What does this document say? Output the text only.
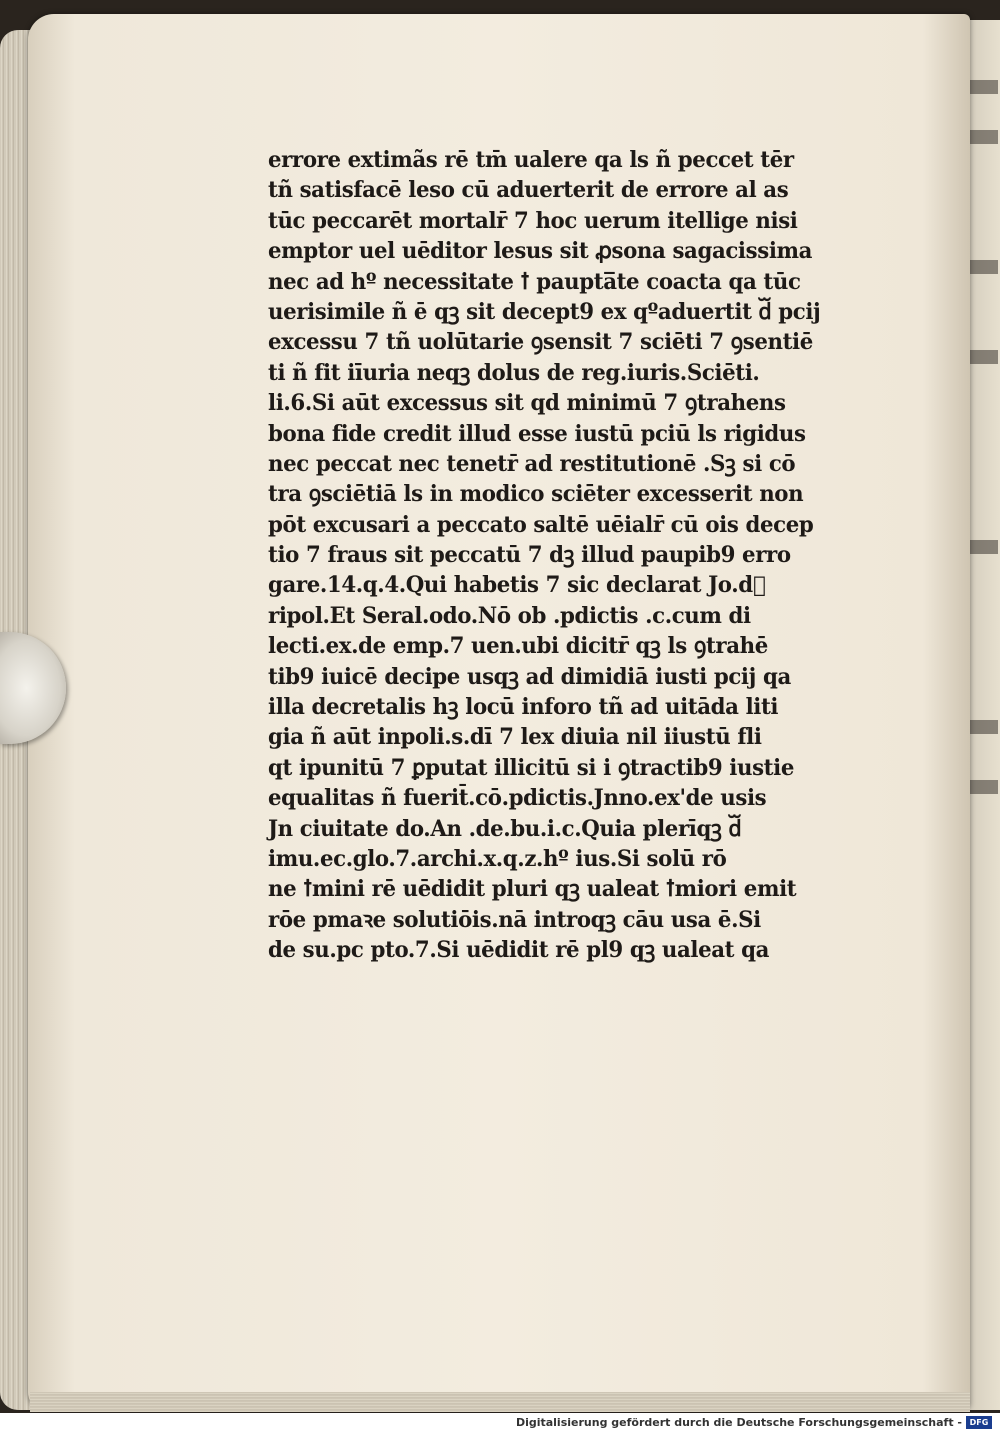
errore extimãs rē tm̄ ualere qa ls ñ peccet tēr
tñ satisfacē leso cū aduerterit de errore al as
tūc peccarēt mortalr̄ 7 hoc uerum itellige nisi
emptor uel uēditor lesus sit ꝓsona sagacissima
nec ad hº necessitate ꝉ paupta̅te coacta qa tūc
uerisimile ñ ē qꝫ sit decept9 ex qºaduertit dᷓ pcij
excessu 7 tñ uolūtarie ꝯsensit 7 sciēti 7 ꝯsentiē
ti ñ fit iīuria neqꝫ dolus de reg.iuris.Sciēti.
li.6.Si aūt excessus sit qd minimū 7 ꝯtrahens
bona fide credit illud esse iustū pciū ls rigidus
nec peccat nec tenetr̄ ad restitutionē .Sꝫ si cō
tra ꝯsciētiā ls in modico sciēter excesserit non
pōt excusari a peccato saltē uēialr̄ cū ois decep
tio 7 fraus sit peccatū 7 dꝫ illud paupib9 erro
gare.14.q.4.Qui habetis 7 sic declarat Jo.dᷓ
ripol.Et Seral.odo.Nō ob .pdictis .c.cum di
lecti.ex.de emp.7 uen.ubi dicitr̄ qꝫ ls ꝯtrahē
tib9 iuicē decipe usqꝫ ad dimidiā iusti pcij qa
illa decretalis hꝫ locū inforo tñ ad uitāda liti
gia ñ aūt inpoli.s.dī 7 lex diuia nil iiustū fli
qt ipunitū 7 ꝑputat illicitū si i ꝯtractib9 iustie
equalitas ñ fuerit̄.cō.pdictis.Jnno.ex'de usis
Jn ciuitate do.An .de.bu.i.c.Quia plerīqꝫ dᷓ
imu.ec.glo.7.archi.x.q.z.hº ius.Si solū rō
ne ꝉmini rē uēdidit pluri qꝫ ualeat ꝉmiori emit
rōe pmaꝛe solutiōis.nā introqꝫ cāu usa ē.Si
de su.pc pto.7.Si uēdidit rē pl9 qꝫ ualeat qa
Digitalisierung gefördert durch die Deutsche Forschungsgemeinschaft - DFG
